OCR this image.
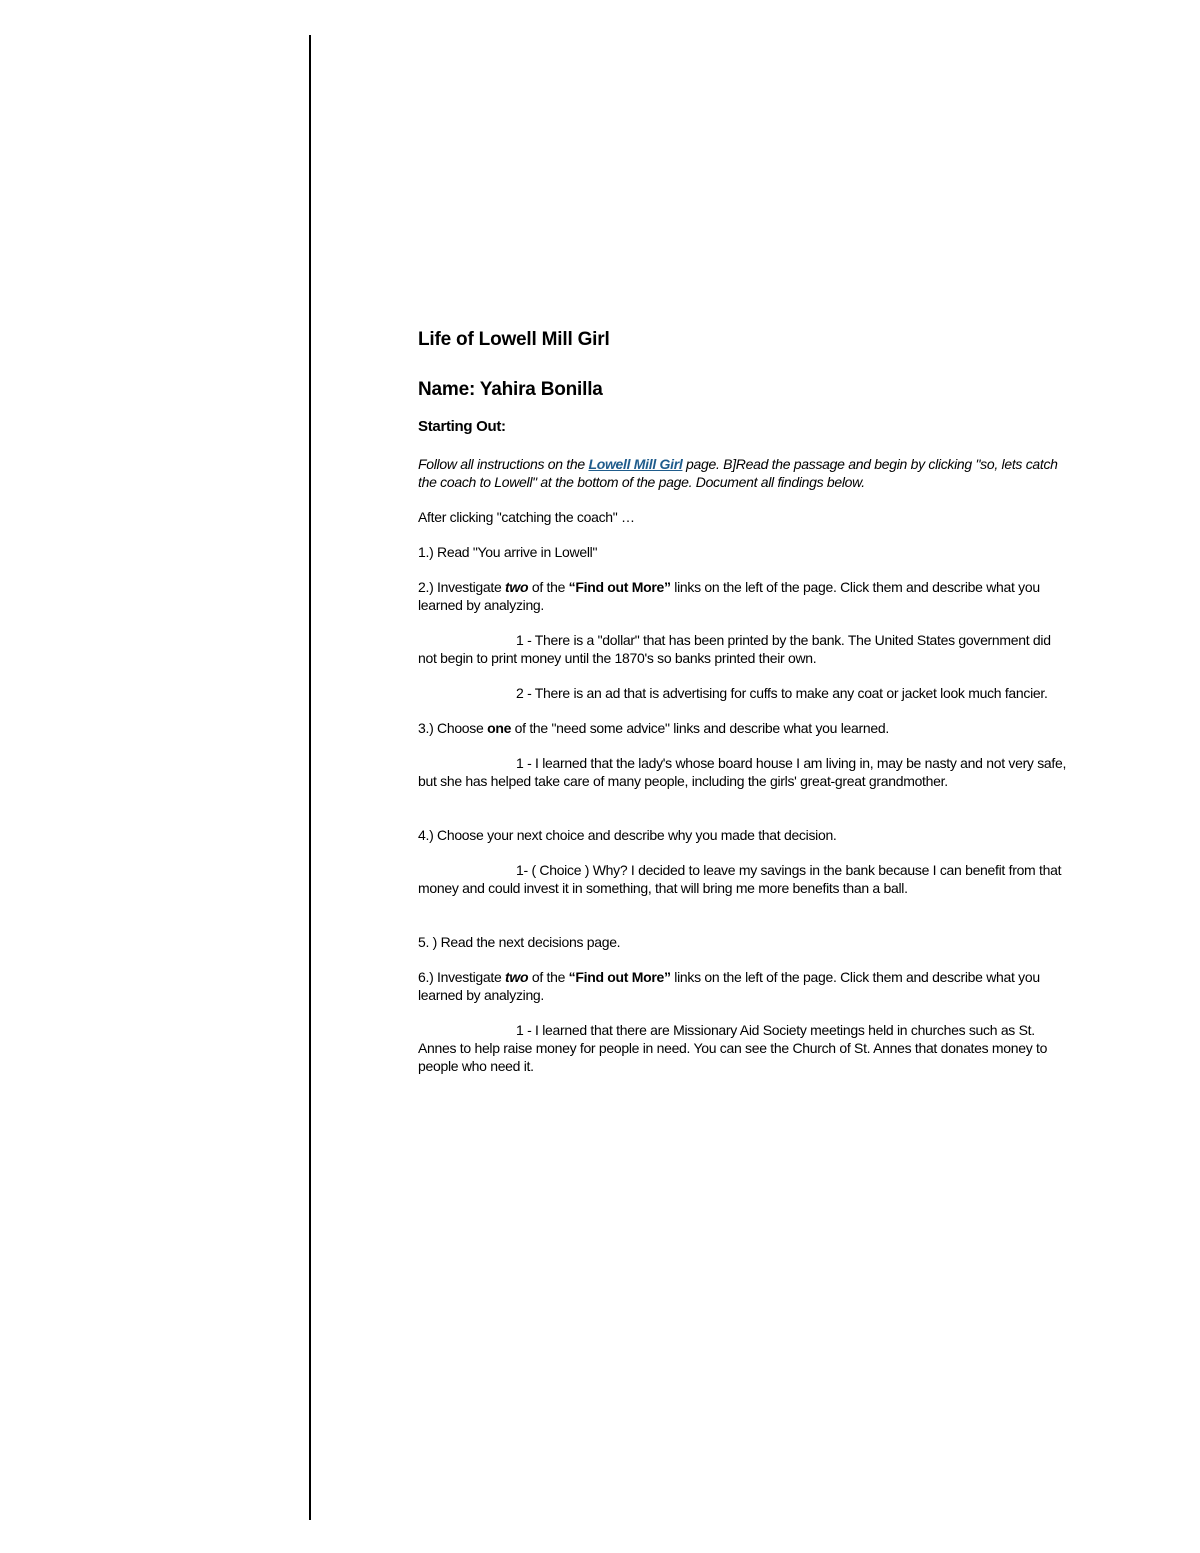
Life of Lowell Mill Girl

Name: Yahira Bonilla

Starting Out:

Follow all instructions on the Lowell Mill Girl page. B]Read the passage and begin by clicking "so, lets catch the coach to Lowell" at the bottom of the page. Document all findings below.

After clicking "catching the coach" …

1.) Read "You arrive in Lowell"

2.) Investigate two of the “Find out More” links on the left of the page. Click them and describe what you learned by analyzing.

1 - There is a "dollar" that has been printed by the bank. The United States government did not begin to print money until the 1870's so banks printed their own.

2 - There is an ad that is advertising for cuffs to make any coat or jacket look much fancier.

3.) Choose one of the "need some advice" links and describe what you learned.

1 - I learned that the lady's whose board house I am living in, may be nasty and not very safe, but she has helped take care of many people, including the girls' great-great grandmother.

4.) Choose your next choice and describe why you made that decision.

1- ( Choice ) Why? I decided to leave my savings in the bank because I can benefit from that money and could invest it in something, that will bring me more benefits than a ball.

5. ) Read the next decisions page.

6.) Investigate two of the “Find out More” links on the left of the page. Click them and describe what you learned by analyzing.

1 - I learned that there are Missionary Aid Society meetings held in churches such as St. Annes to help raise money for people in need. You can see the Church of St. Annes that donates money to people who need it.
